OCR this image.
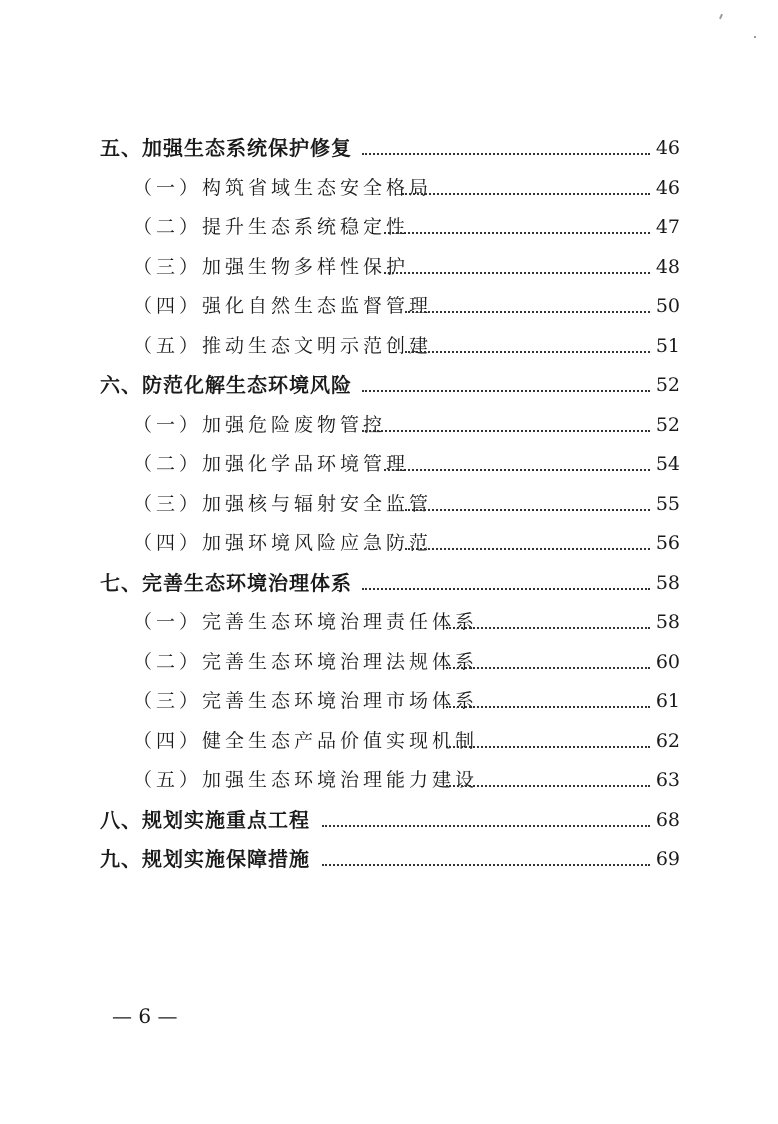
五、加强生态系统保护修复	46
（一）构筑省域生态安全格局	46
（二）提升生态系统稳定性	47
（三）加强生物多样性保护	48
（四）强化自然生态监督管理	50
（五）推动生态文明示范创建	51
六、防范化解生态环境风险	52
（一）加强危险废物管控	52
（二）加强化学品环境管理	54
（三）加强核与辐射安全监管	55
（四）加强环境风险应急防范	56
七、完善生态环境治理体系	58
（一）完善生态环境治理责任体系	58
（二）完善生态环境治理法规体系	60
（三）完善生态环境治理市场体系	61
（四）健全生态产品价值实现机制	62
（五）加强生态环境治理能力建设	63
八、规划实施重点工程	68
九、规划实施保障措施	69
— 6 —
